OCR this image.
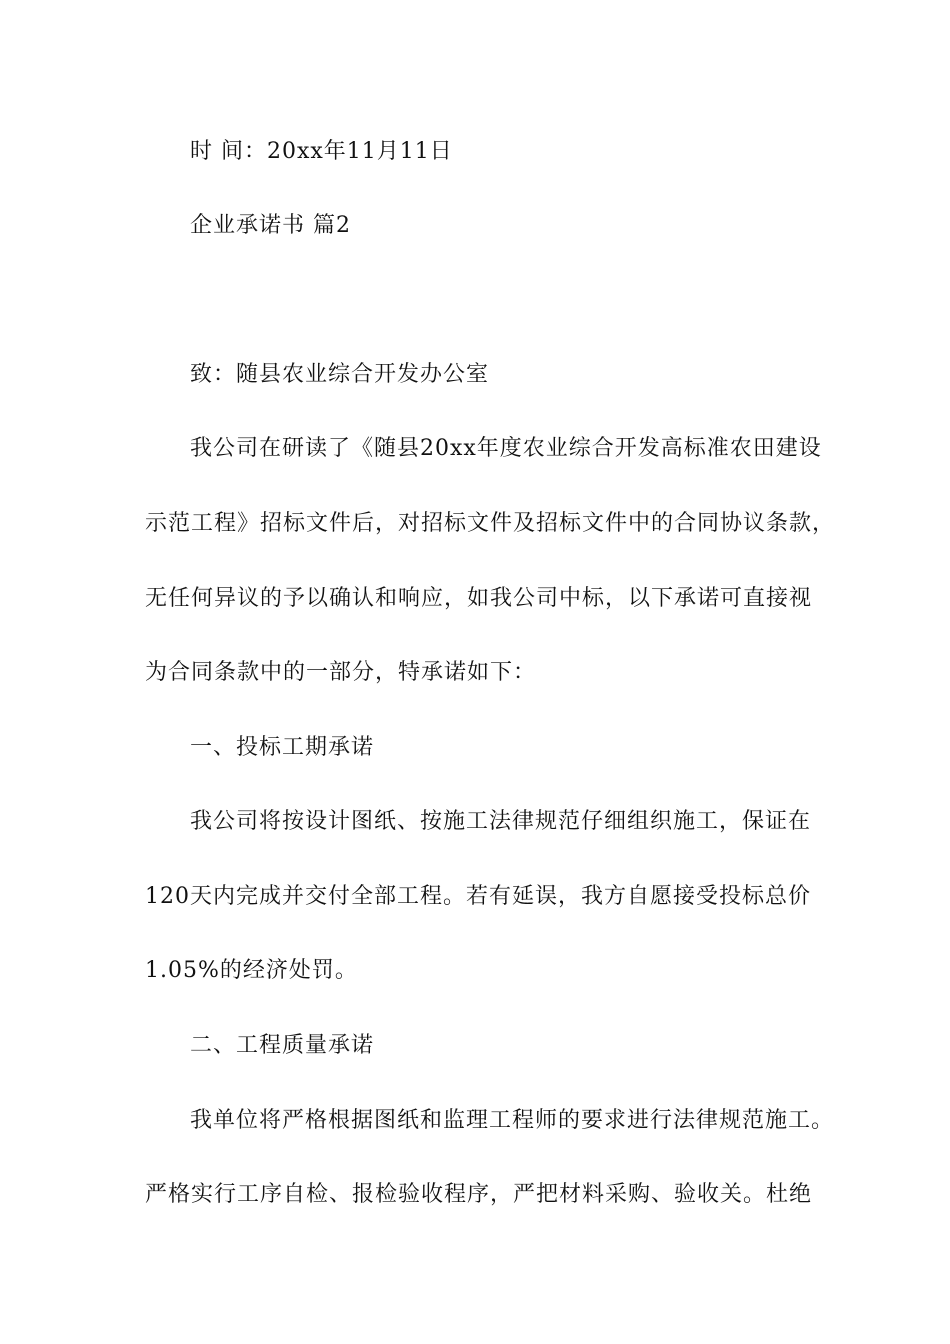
时 间：20xx年11月11日
企业承诺书 篇2
致：随县农业综合开发办公室
我公司在研读了《随县20xx年度农业综合开发高标准农田建设
示范工程》招标文件后，对招标文件及招标文件中的合同协议条款，
无任何异议的予以确认和响应，如我公司中标，以下承诺可直接视
为合同条款中的一部分，特承诺如下：
一、投标工期承诺
我公司将按设计图纸、按施工法律规范仔细组织施工，保证在
120天内完成并交付全部工程。若有延误，我方自愿接受投标总价
1.05%的经济处罚。
二、工程质量承诺
我单位将严格根据图纸和监理工程师的要求进行法律规范施工。
严格实行工序自检、报检验收程序，严把材料采购、验收关。杜绝
